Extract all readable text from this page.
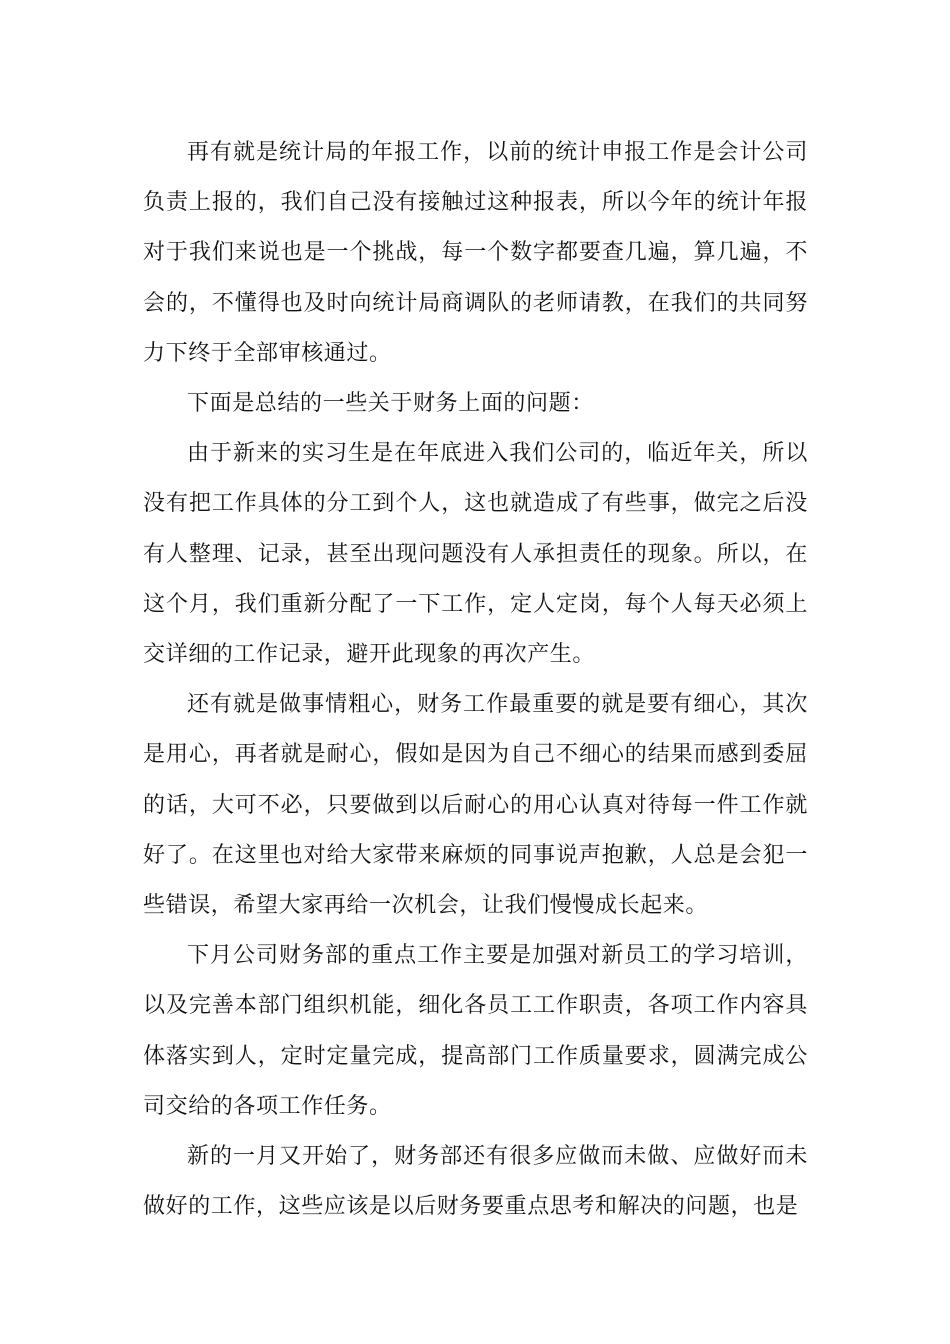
再有就是统计局的年报工作，以前的统计申报工作是会计公司负责上报的，我们自己没有接触过这种报表，所以今年的统计年报对于我们来说也是一个挑战，每一个数字都要查几遍，算几遍，不会的，不懂得也及时向统计局商调队的老师请教，在我们的共同努力下终于全部审核通过。

下面是总结的一些关于财务上面的问题：

由于新来的实习生是在年底进入我们公司的，临近年关，所以没有把工作具体的分工到个人，这也就造成了有些事，做完之后没有人整理、记录，甚至出现问题没有人承担责任的现象。所以，在这个月，我们重新分配了一下工作，定人定岗，每个人每天必须上交详细的工作记录，避开此现象的再次产生。

还有就是做事情粗心，财务工作最重要的就是要有细心，其次是用心，再者就是耐心，假如是因为自己不细心的结果而感到委屈的话，大可不必，只要做到以后耐心的用心认真对待每一件工作就好了。在这里也对给大家带来麻烦的同事说声抱歉，人总是会犯一些错误，希望大家再给一次机会，让我们慢慢成长起来。

下月公司财务部的重点工作主要是加强对新员工的学习培训，以及完善本部门组织机能，细化各员工工作职责，各项工作内容具体落实到人，定时定量完成，提高部门工作质量要求，圆满完成公司交给的各项工作任务。

新的一月又开始了，财务部还有很多应做而未做、应做好而未做好的工作，这些应该是以后财务要重点思考和解决的问题，也是
